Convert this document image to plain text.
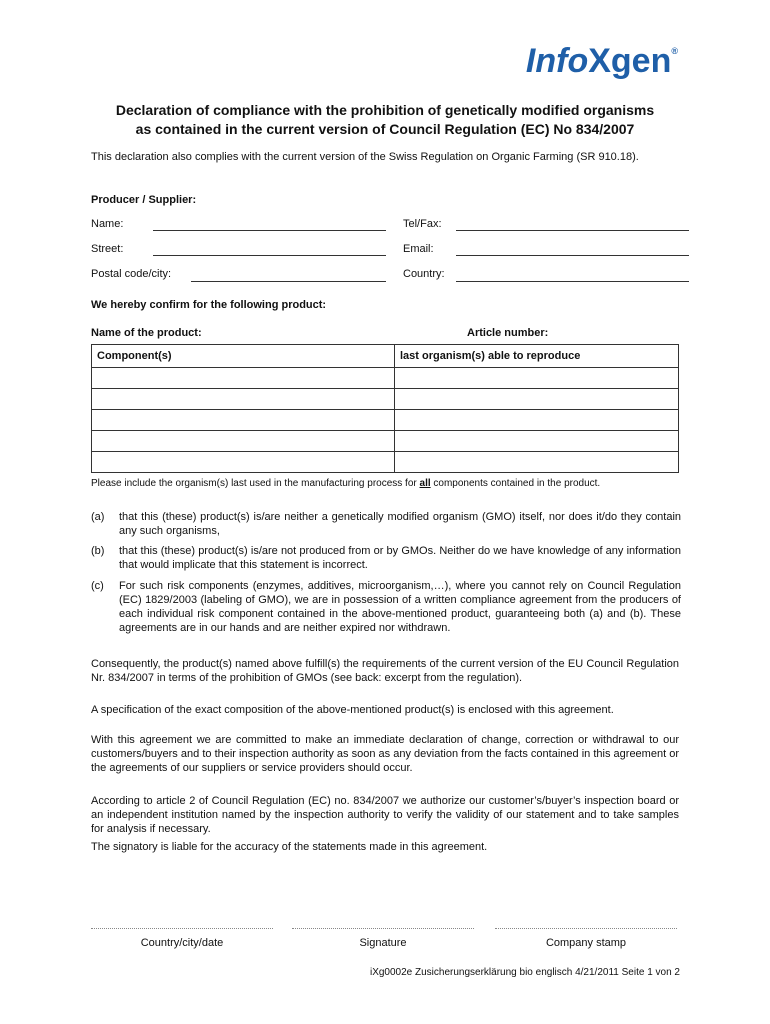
InfoXgen®
Declaration of compliance with the prohibition of genetically modified organisms
as contained in the current version of Council Regulation (EC) No 834/2007
This declaration also complies with the current version of the Swiss Regulation on Organic Farming (SR 910.18).
Producer / Supplier:
Name:	Tel/Fax:
Street:	Email:
Postal code/city:	Country:
We hereby confirm for the following product:
Name of the product:	Article number:
Component(s)	last organism(s) able to reproduce

Please include the organism(s) last used in the manufacturing process for all components contained in the product.
(a) that this (these) product(s) is/are neither a genetically modified organism (GMO) itself, nor does it/do they contain any such organisms,
(b) that this (these) product(s) is/are not produced from or by GMOs. Neither do we have knowledge of any information that would implicate that this statement is incorrect.
(c) For such risk components (enzymes, additives, microorganism,…), where you cannot rely on Council Regulation (EC) 1829/2003 (labeling of GMO), we are in possession of a written compliance agreement from the producers of each individual risk component contained in the above-mentioned product, guaranteeing both (a) and (b). These agreements are in our hands and are neither expired nor withdrawn.
Consequently, the product(s) named above fulfill(s) the requirements of the current version of the EU Council Regulation Nr. 834/2007 in terms of the prohibition of GMOs (see back: excerpt from the regulation).
A specification of the exact composition of the above-mentioned product(s) is enclosed with this agreement.
With this agreement we are committed to make an immediate declaration of change, correction or withdrawal to our customers/buyers and to their inspection authority as soon as any deviation from the facts contained in this agreement or the agreements of our suppliers or service providers should occur.
According to article 2 of Council Regulation (EC) no. 834/2007 we authorize our customer’s/buyer’s inspection board or an independent institution named by the inspection authority to verify the validity of our statement and to take samples for analysis if necessary.
The signatory is liable for the accuracy of the statements made in this agreement.
Country/city/date	Signature	Company stamp
iXg0002e Zusicherungserklärung bio englisch 4/21/2011 Seite 1 von 2
